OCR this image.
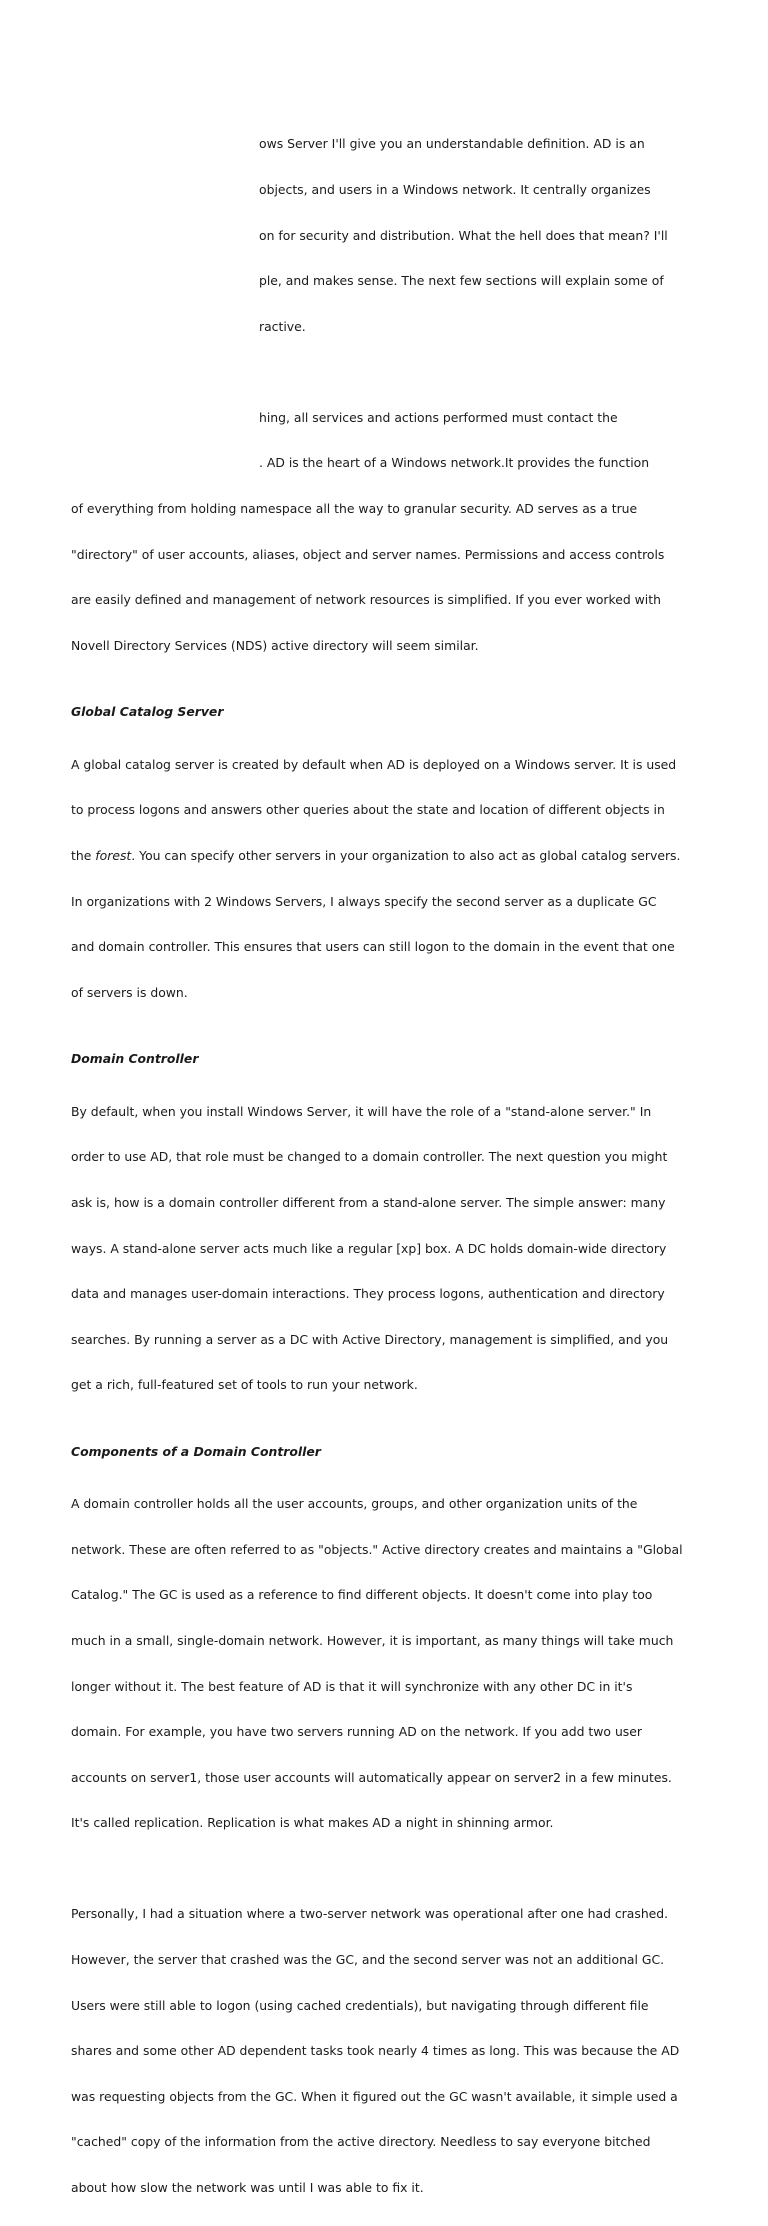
ows Server I'll give you an understandable definition. AD is an

objects, and users in a Windows network. It centrally organizes

on for security and distribution. What the hell does that mean? I'll

ple, and makes sense. The next few sections will explain some of

ractive.

hing, all services and actions performed must contact the

. AD is the heart of a Windows network.It provides the function

of everything from holding namespace all the way to granular security. AD serves as a true

"directory" of user accounts, aliases, object and server names. Permissions and access controls

are easily defined and management of network resources is simplified. If you ever worked with

Novell Directory Services (NDS) active directory will seem similar.

Global Catalog Server

A global catalog server is created by default when AD is deployed on a Windows server. It is used

to process logons and answers other queries about the state and location of different objects in

the forest. You can specify other servers in your organization to also act as global catalog servers.

In organizations with 2 Windows Servers, I always specify the second server as a duplicate GC

and domain controller. This ensures that users can still logon to the domain in the event that one

of servers is down.

Domain Controller

By default, when you install Windows Server, it will have the role of a "stand-alone server." In

order to use AD, that role must be changed to a domain controller. The next question you might

ask is, how is a domain controller different from a stand-alone server. The simple answer: many

ways. A stand-alone server acts much like a regular [xp] box. A DC holds domain-wide directory

data and manages user-domain interactions. They process logons, authentication and directory

searches. By running a server as a DC with Active Directory, management is simplified, and you

get a rich, full-featured set of tools to run your network.

Components of a Domain Controller

A domain controller holds all the user accounts, groups, and other organization units of the

network. These are often referred to as "objects." Active directory creates and maintains a "Global

Catalog." The GC is used as a reference to find different objects. It doesn't come into play too

much in a small, single-domain network. However, it is important, as many things will take much

longer without it. The best feature of AD is that it will synchronize with any other DC in it's

domain. For example, you have two servers running AD on the network. If you add two user

accounts on server1, those user accounts will automatically appear on server2 in a few minutes.

It's called replication. Replication is what makes AD a night in shinning armor.

Personally, I had a situation where a two-server network was operational after one had crashed.

However, the server that crashed was the GC, and the second server was not an additional GC.

Users were still able to logon (using cached credentials), but navigating through different file

shares and some other AD dependent tasks took nearly 4 times as long. This was because the AD

was requesting objects from the GC. When it figured out the GC wasn't available, it simple used a

"cached" copy of the information from the active directory. Needless to say everyone bitched

about how slow the network was until I was able to fix it.
